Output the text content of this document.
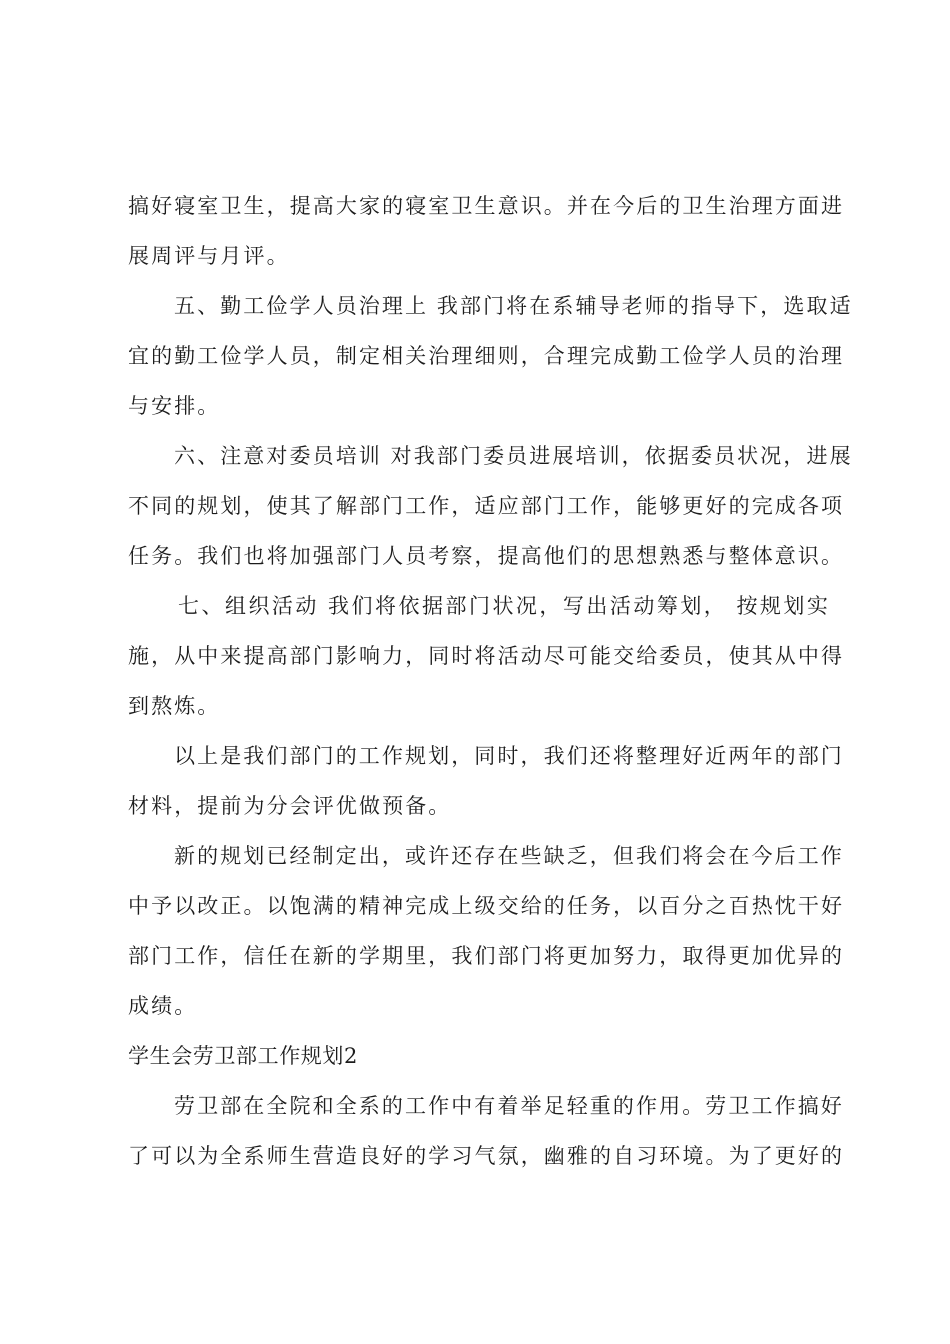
搞好寝室卫生，提高大家的寝室卫生意识。并在今后的卫生治理方面进
展周评与月评。
五、勤工俭学人员治理上 我部门将在系辅导老师的指导下，选取适
宜的勤工俭学人员，制定相关治理细则，合理完成勤工俭学人员的治理
与安排。
六、注意对委员培训 对我部门委员进展培训，依据委员状况，进展
不同的规划，使其了解部门工作，适应部门工作，能够更好的完成各项
任务。我们也将加强部门人员考察，提高他们的思想熟悉与整体意识。
七、组织活动 我们将依据部门状况，写出活动筹划， 按规划实
施，从中来提高部门影响力，同时将活动尽可能交给委员，使其从中得
到熬炼。
以上是我们部门的工作规划，同时，我们还将整理好近两年的部门
材料，提前为分会评优做预备。
新的规划已经制定出，或许还存在些缺乏，但我们将会在今后工作
中予以改正。以饱满的精神完成上级交给的任务，以百分之百热忱干好
部门工作，信任在新的学期里，我们部门将更加努力，取得更加优异的
成绩。
学生会劳卫部工作规划2
劳卫部在全院和全系的工作中有着举足轻重的作用。劳卫工作搞好
了可以为全系师生营造良好的学习气氛，幽雅的自习环境。为了更好的
